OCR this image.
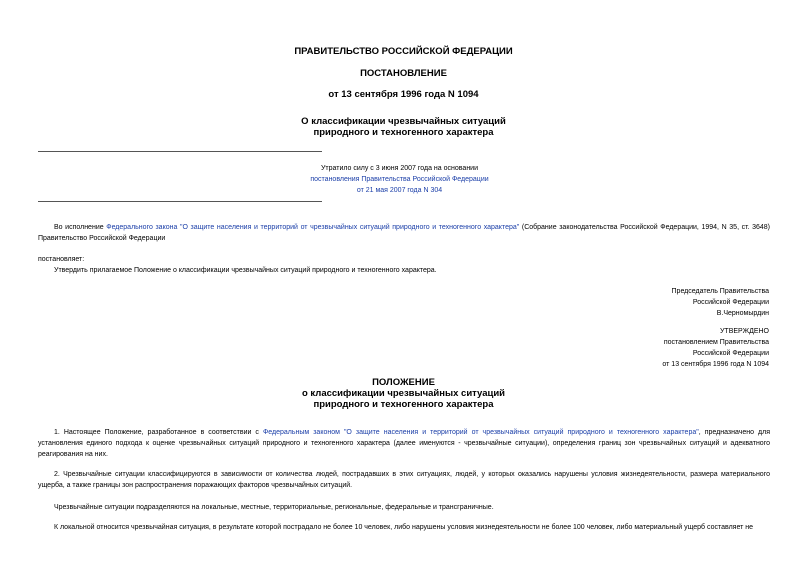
ПРАВИТЕЛЬСТВО РОССИЙСКОЙ ФЕДЕРАЦИИ
ПОСТАНОВЛЕНИЕ
от 13 сентября 1996 года N 1094
О классификации чрезвычайных ситуаций
природного и техногенного характера
Утратило силу с 3 июня 2007 года на основании
постановления Правительства Российской Федерации
от 21 мая 2007 года N 304
Во исполнение Федерального закона "О защите населения и территорий от чрезвычайных ситуаций природного и техногенного характера" (Собрание законодательства Российской Федерации, 1994, N 35, ст. 3648) Правительство Российской Федерации
постановляет:
Утвердить прилагаемое Положение о классификации чрезвычайных ситуаций природного и техногенного характера.
Председатель Правительства
Российской Федерации
В.Черномырдин
УТВЕРЖДЕНО
постановлением Правительства
Российской Федерации
от 13 сентября 1996 года N 1094
ПОЛОЖЕНИЕ
о классификации чрезвычайных ситуаций
природного и техногенного характера
1. Настоящее Положение, разработанное в соответствии с Федеральным законом "О защите населения и территорий от чрезвычайных ситуаций природного и техногенного характера", предназначено для установления единого подхода к оценке чрезвычайных ситуаций природного и техногенного характера (далее именуются - чрезвычайные ситуации), определения границ зон чрезвычайных ситуаций и адекватного реагирования на них.
2. Чрезвычайные ситуации классифицируются в зависимости от количества людей, пострадавших в этих ситуациях, людей, у которых оказались нарушены условия жизнедеятельности, размера материального ущерба, а также границы зон распространения поражающих факторов чрезвычайных ситуаций.
Чрезвычайные ситуации подразделяются на локальные, местные, территориальные, региональные, федеральные и трансграничные.
К локальной относится чрезвычайная ситуация, в результате которой пострадало не более 10 человек, либо нарушены условия жизнедеятельности не более 100 человек, либо материальный ущерб составляет не
